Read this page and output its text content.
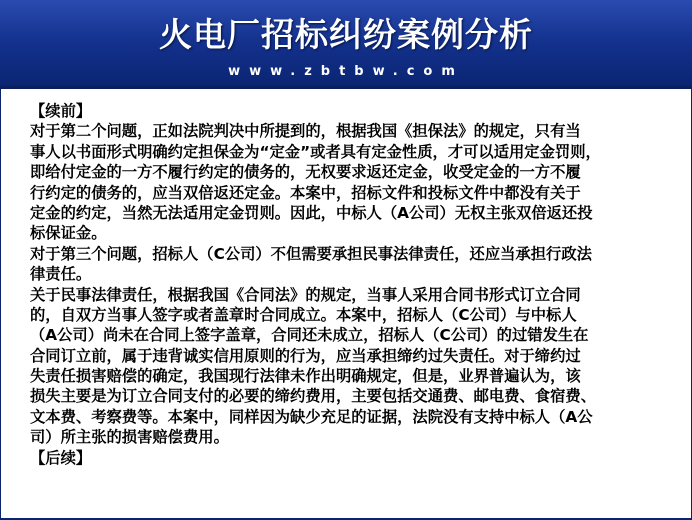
火电厂招标纠纷案例分析
www.zbtbw.com
【续前】
对于第二个问题，正如法院判决中所提到的，根据我国《担保法》的规定，只有当
事人以书面形式明确约定担保金为“定金”或者具有定金性质，才可以适用定金罚则，
即给付定金的一方不履行约定的债务的，无权要求返还定金，收受定金的一方不履
行约定的债务的，应当双倍返还定金。本案中，招标文件和投标文件中都没有关于
定金的约定，当然无法适用定金罚则。因此，中标人（A公司）无权主张双倍返还投
标保证金。
对于第三个问题，招标人（C公司）不但需要承担民事法律责任，还应当承担行政法
律责任。
关于民事法律责任，根据我国《合同法》的规定，当事人采用合同书形式订立合同
的，自双方当事人签字或者盖章时合同成立。本案中，招标人（C公司）与中标人
（A公司）尚未在合同上签字盖章，合同还未成立，招标人（C公司）的过错发生在
合同订立前，属于违背诚实信用原则的行为，应当承担缔约过失责任。对于缔约过
失责任损害赔偿的确定，我国现行法律未作出明确规定，但是，业界普遍认为，该
损失主要是为订立合同支付的必要的缔约费用，主要包括交通费、邮电费、食宿费、
文本费、考察费等。本案中，同样因为缺少充足的证据，法院没有支持中标人（A公
司）所主张的损害赔偿费用。
【后续】
